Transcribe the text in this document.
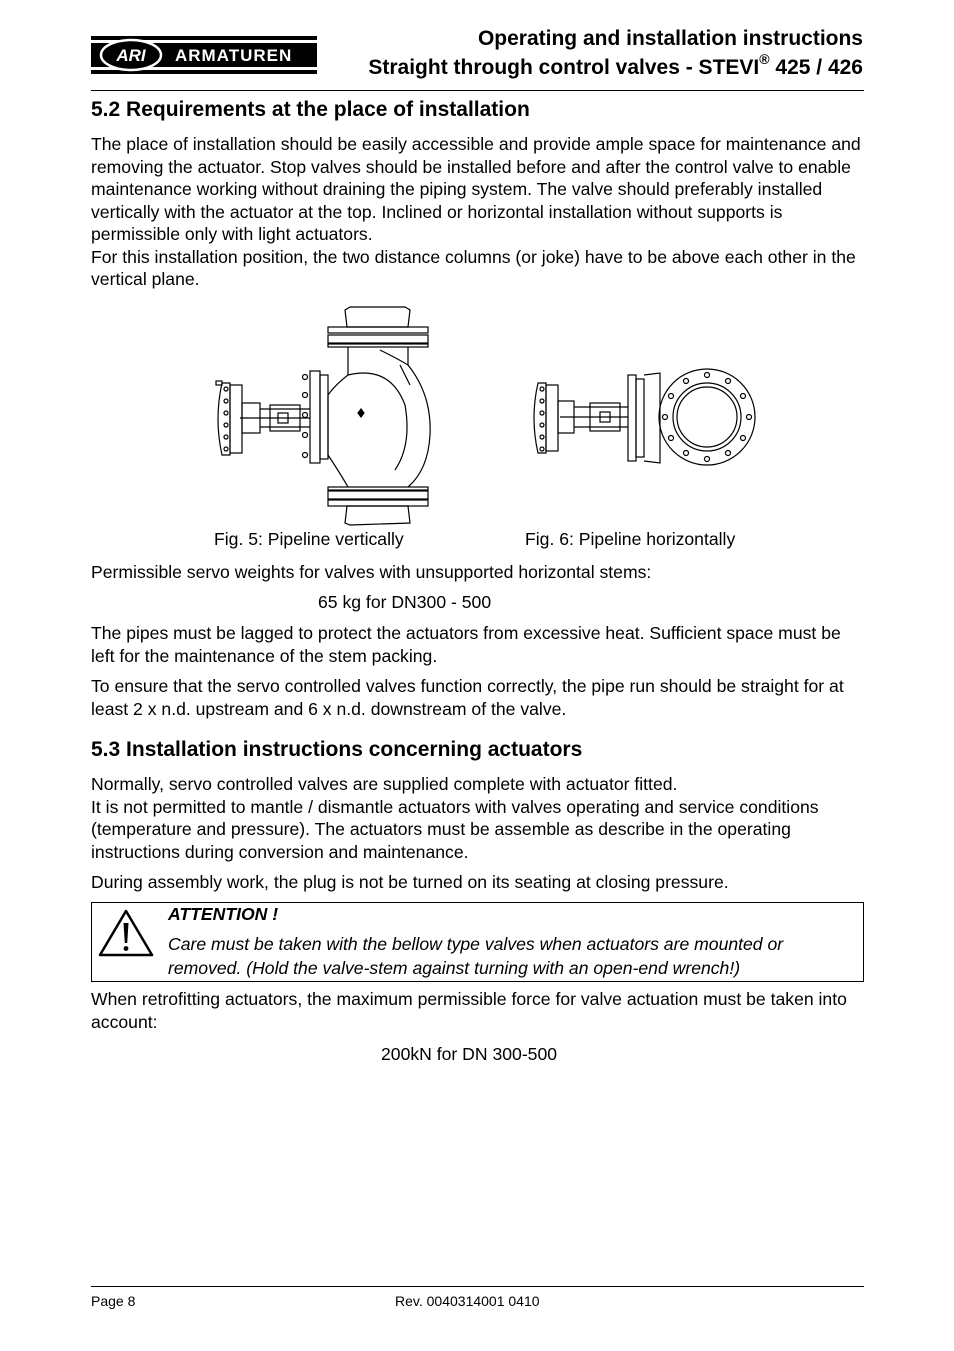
ARI ARMATUREN
Operating and installation instructions
Straight through control valves - STEVI® 425 / 426
5.2 Requirements at the place of installation

The place of installation should be easily accessible and provide ample space for maintenance and removing the actuator. Stop valves should be installed before and after the control valve to enable maintenance working without draining the piping system. The valve should preferably installed vertically with the actuator at the top. Inclined or horizontal installation without supports is permissible only with light actuators.

For this installation position, the two distance columns (or joke) have to be above each other in the vertical plane.

Fig. 5: Pipeline vertically	Fig. 6: Pipeline horizontally
Permissible servo weights for valves with unsupported horizontal stems:
65 kg for DN300 - 500
The pipes must be lagged to protect the actuators from excessive heat. Sufficient space must be left for the maintenance of the stem packing.
To ensure that the servo controlled valves function correctly, the pipe run should be straight for at least 2 x n.d. upstream and 6 x n.d. downstream of the valve.
5.3 Installation instructions concerning actuators

Normally, servo controlled valves are supplied complete with actuator fitted.

It is not permitted to mantle / dismantle actuators with valves operating and service conditions (temperature and pressure). The actuators must be assemble as describe in the operating instructions during conversion and maintenance.

During assembly work, the plug is not be turned on its seating at closing pressure.
ATTENTION !
Care must be taken with the bellow type valves when actuators are mounted or removed. (Hold the valve-stem against turning with an open-end wrench!)
When retrofitting actuators, the maximum permissible force for valve actuation must be taken into account:
200kN for DN 300-500
Page 8	Rev. 0040314001 0410
